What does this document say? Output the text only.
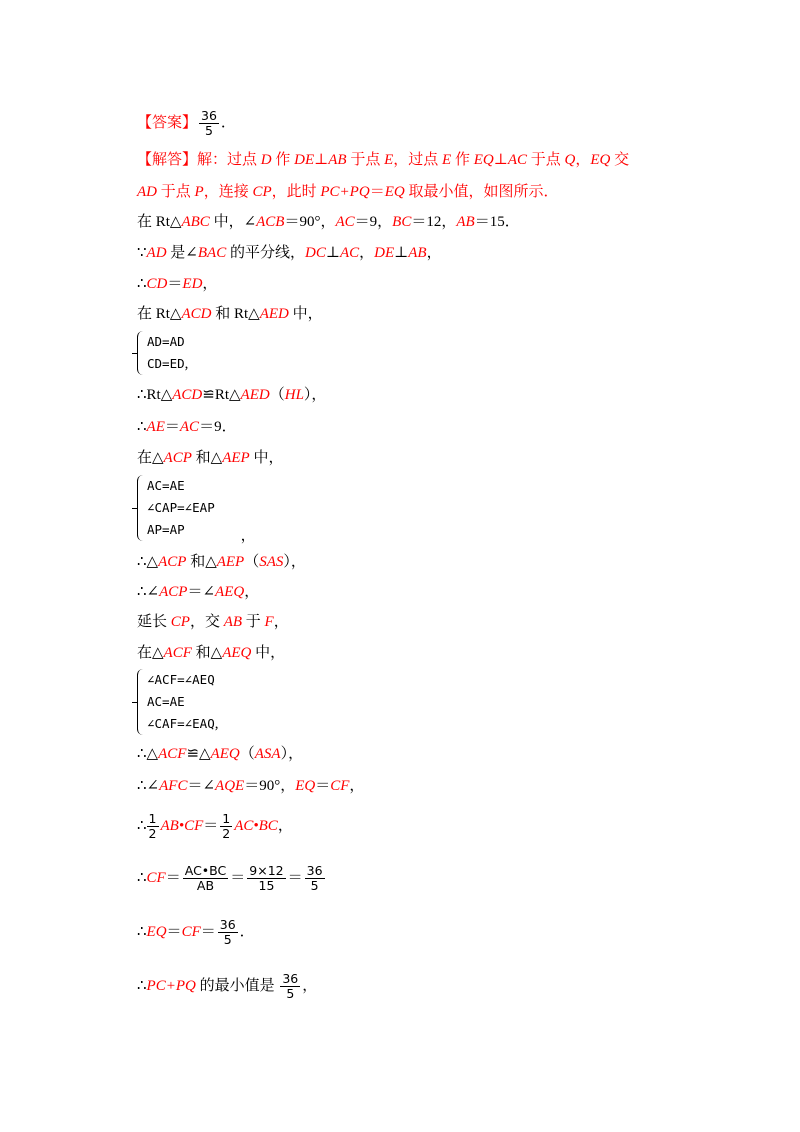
【答案】 $\frac{36}{5}$ ．
【解答】解：过点 D 作 DE⊥AB 于点 E，过点 E 作 EQ⊥AC 于点 Q，EQ 交
AD 于点 P，连接 CP，此时 PC+PQ＝EQ 取最小值，如图所示．
在 Rt△ABC 中，∠ACB＝90°，AC＝9，BC＝12，AB＝15．
∵AD 是∠BAC 的平分线，DC⊥AC，DE⊥AB，
∴CD＝ED，
在 Rt△ACD 和 Rt△AED 中，
AD=AD
CD=ED,
∴Rt△ACD≌Rt△AED（HL），
∴AE＝AC＝9．
在△ACP 和△AEP 中，
AC=AE
∠CAP=∠EAP
AP=AP	，
∴△ACP 和△AEP（SAS），
∴∠ACP＝∠AEQ，
延长 CP，交 AB 于 F，
在△ACF 和△AEQ 中，
∠ACF=∠AEQ
AC=AE
∠CAF=∠EAQ,
∴△ACF≌△AEQ（ASA），
∴∠AFC＝∠AQE＝90°，EQ＝CF，
∴ $\frac{1}{2}$ AB•CF＝ $\frac{1}{2}$ AC•BC，
∴CF＝ $\frac{AC•BC}{AB} = \frac{9\times 12}{15} = \frac{36}{5}$
∴EQ＝CF＝ $\frac{36}{5}$ ．
∴PC+PQ 的最小值是 $\frac{36}{5}$ ，
